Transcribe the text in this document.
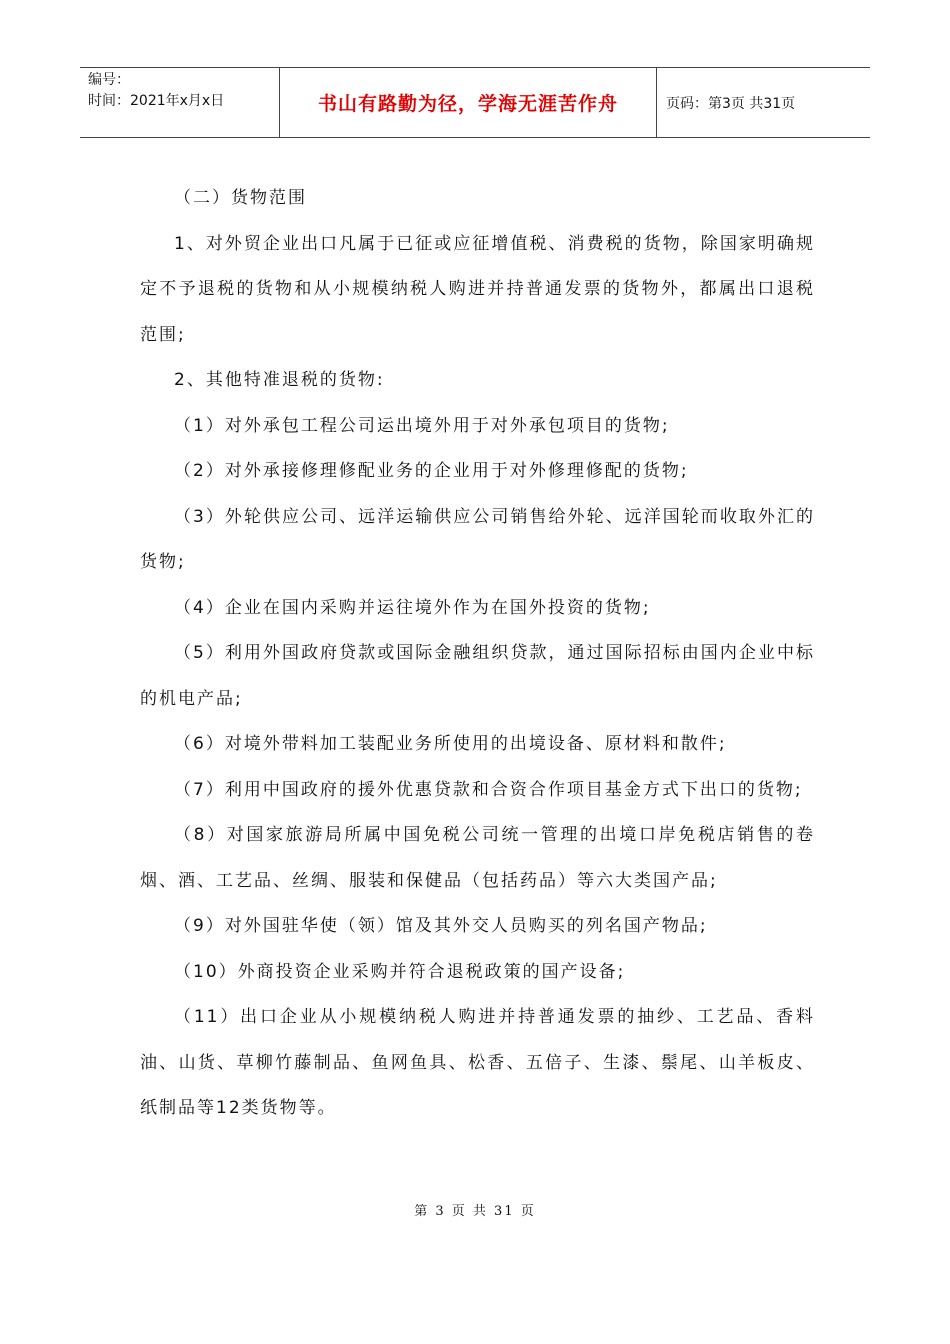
编号：
时间：2021年x月x日	书山有路勤为径，学海无涯苦作舟	页码：第3页 共31页

（二）货物范围

1、对外贸企业出口凡属于已征或应征增值税、消费税的货物，除国家明确规定不予退税的货物和从小规模纳税人购进并持普通发票的货物外，都属出口退税范围;

2、其他特准退税的货物:

（1）对外承包工程公司运出境外用于对外承包项目的货物;

（2）对外承接修理修配业务的企业用于对外修理修配的货物;

（3）外轮供应公司、远洋运输供应公司销售给外轮、远洋国轮而收取外汇的货物;

（4）企业在国内采购并运往境外作为在国外投资的货物;

（5）利用外国政府贷款或国际金融组织贷款，通过国际招标由国内企业中标的机电产品;

（6）对境外带料加工装配业务所使用的出境设备、原材料和散件;

（7）利用中国政府的援外优惠贷款和合资合作项目基金方式下出口的货物;

（8）对国家旅游局所属中国免税公司统一管理的出境口岸免税店销售的卷烟、酒、工艺品、丝绸、服装和保健品（包括药品）等六大类国产品;

（9）对外国驻华使（领）馆及其外交人员购买的列名国产物品;

（10）外商投资企业采购并符合退税政策的国产设备;

（11）出口企业从小规模纳税人购进并持普通发票的抽纱、工艺品、香料油、山货、草柳竹藤制品、鱼网鱼具、松香、五倍子、生漆、鬃尾、山羊板皮、纸制品等12类货物等。

第 3 页 共 31 页
